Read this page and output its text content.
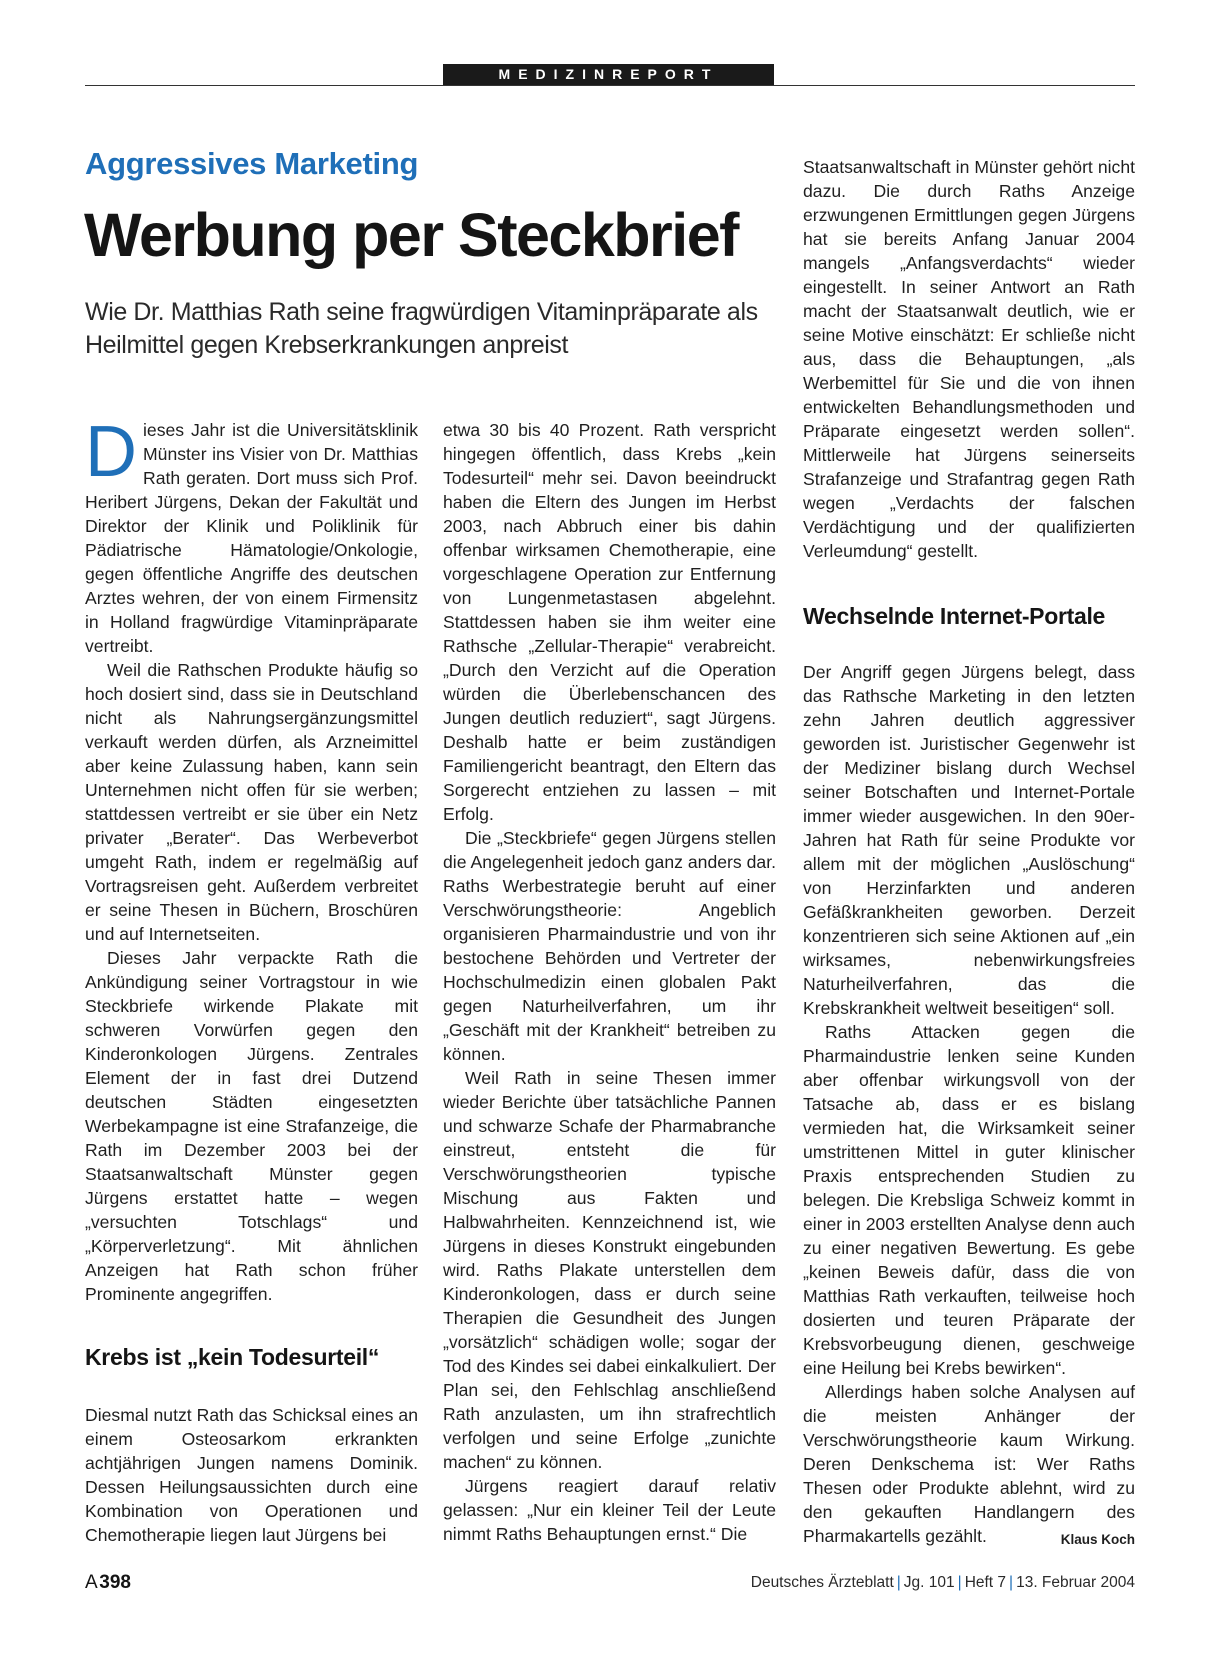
MEDIZINREPORT
Aggressives Marketing
Werbung per Steckbrief
Wie Dr. Matthias Rath seine fragwürdigen Vitaminpräparate als Heilmittel gegen Krebserkrankungen anpreist

Dieses Jahr ist die Universitätsklinik Münster ins Visier von Dr. Matthias Rath geraten. Dort muss sich Prof. Heribert Jürgens, Dekan der Fakultät und Direktor der Klinik und Poliklinik für Pädiatrische Hämatologie/Onkologie, gegen öffentliche Angriffe des deutschen Arztes wehren, der von einem Firmensitz in Holland fragwürdige Vitaminpräparate vertreibt.

Weil die Rathschen Produkte häufig so hoch dosiert sind, dass sie in Deutschland nicht als Nahrungsergänzungsmittel verkauft werden dürfen, als Arzneimittel aber keine Zulassung haben, kann sein Unternehmen nicht offen für sie werben; stattdessen vertreibt er sie über ein Netz privater „Berater“. Das Werbeverbot umgeht Rath, indem er regelmäßig auf Vortragsreisen geht. Außerdem verbreitet er seine Thesen in Büchern, Broschüren und auf Internetseiten.

Dieses Jahr verpackte Rath die Ankündigung seiner Vortragstour in wie Steckbriefe wirkende Plakate mit schweren Vorwürfen gegen den Kinderonkologen Jürgens. Zentrales Element der in fast drei Dutzend deutschen Städten eingesetzten Werbekampagne ist eine Strafanzeige, die Rath im Dezember 2003 bei der Staatsanwaltschaft Münster gegen Jürgens erstattet hatte – wegen „versuchten Totschlags“ und „Körperverletzung“. Mit ähnlichen Anzeigen hat Rath schon früher Prominente angegriffen.

Krebs ist „kein Todesurteil“

Diesmal nutzt Rath das Schicksal eines an einem Osteosarkom erkrankten achtjährigen Jungen namens Dominik. Dessen Heilungsaussichten durch eine Kombination von Operationen und Chemotherapie liegen laut Jürgens bei

etwa 30 bis 40 Prozent. Rath verspricht hingegen öffentlich, dass Krebs „kein Todesurteil“ mehr sei. Davon beeindruckt haben die Eltern des Jungen im Herbst 2003, nach Abbruch einer bis dahin offenbar wirksamen Chemotherapie, eine vorgeschlagene Operation zur Entfernung von Lungenmetastasen abgelehnt. Stattdessen haben sie ihm weiter eine Rathsche „Zellular-Therapie“ verabreicht. „Durch den Verzicht auf die Operation würden die Überlebenschancen des Jungen deutlich reduziert“, sagt Jürgens. Deshalb hatte er beim zuständigen Familiengericht beantragt, den Eltern das Sorgerecht entziehen zu lassen – mit Erfolg.

Die „Steckbriefe“ gegen Jürgens stellen die Angelegenheit jedoch ganz anders dar. Raths Werbestrategie beruht auf einer Verschwörungstheorie: Angeblich organisieren Pharmaindustrie und von ihr bestochene Behörden und Vertreter der Hochschulmedizin einen globalen Pakt gegen Naturheilverfahren, um ihr „Geschäft mit der Krankheit“ betreiben zu können.

Weil Rath in seine Thesen immer wieder Berichte über tatsächliche Pannen und schwarze Schafe der Pharmabranche einstreut, entsteht die für Verschwörungstheorien typische Mischung aus Fakten und Halbwahrheiten. Kennzeichnend ist, wie Jürgens in dieses Konstrukt eingebunden wird. Raths Plakate unterstellen dem Kinderonkologen, dass er durch seine Therapien die Gesundheit des Jungen „vorsätzlich“ schädigen wolle; sogar der Tod des Kindes sei dabei einkalkuliert. Der Plan sei, den Fehlschlag anschließend Rath anzulasten, um ihn strafrechtlich verfolgen und seine Erfolge „zunichte machen“ zu können.

Jürgens reagiert darauf relativ gelassen: „Nur ein kleiner Teil der Leute nimmt Raths Behauptungen ernst.“ Die

Staatsanwaltschaft in Münster gehört nicht dazu. Die durch Raths Anzeige erzwungenen Ermittlungen gegen Jürgens hat sie bereits Anfang Januar 2004 mangels „Anfangsverdachts“ wieder eingestellt. In seiner Antwort an Rath macht der Staatsanwalt deutlich, wie er seine Motive einschätzt: Er schließe nicht aus, dass die Behauptungen, „als Werbemittel für Sie und die von ihnen entwickelten Behandlungsmethoden und Präparate eingesetzt werden sollen“. Mittlerweile hat Jürgens seinerseits Strafanzeige und Strafantrag gegen Rath wegen „Verdachts der falschen Verdächtigung und der qualifizierten Verleumdung“ gestellt.

Wechselnde Internet-Portale

Der Angriff gegen Jürgens belegt, dass das Rathsche Marketing in den letzten zehn Jahren deutlich aggressiver geworden ist. Juristischer Gegenwehr ist der Mediziner bislang durch Wechsel seiner Botschaften und Internet-Portale immer wieder ausgewichen. In den 90er-Jahren hat Rath für seine Produkte vor allem mit der möglichen „Auslöschung“ von Herzinfarkten und anderen Gefäßkrankheiten geworben. Derzeit konzentrieren sich seine Aktionen auf „ein wirksames, nebenwirkungsfreies Naturheilverfahren, das die Krebskrankheit weltweit beseitigen“ soll.

Raths Attacken gegen die Pharmaindustrie lenken seine Kunden aber offenbar wirkungsvoll von der Tatsache ab, dass er es bislang vermieden hat, die Wirksamkeit seiner umstrittenen Mittel in guter klinischer Praxis entsprechenden Studien zu belegen. Die Krebsliga Schweiz kommt in einer in 2003 erstellten Analyse denn auch zu einer negativen Bewertung. Es gebe „keinen Beweis dafür, dass die von Matthias Rath verkauften, teilweise hoch dosierten und teuren Präparate der Krebsvorbeugung dienen, geschweige eine Heilung bei Krebs bewirken“.

Allerdings haben solche Analysen auf die meisten Anhänger der Verschwörungstheorie kaum Wirkung. Deren Denkschema ist: Wer Raths Thesen oder Produkte ablehnt, wird zu den gekauften Handlangern des Pharmakartells gezählt.	Klaus Koch

A 398	Deutsches Ärzteblatt | Jg. 101 | Heft 7 | 13. Februar 2004
